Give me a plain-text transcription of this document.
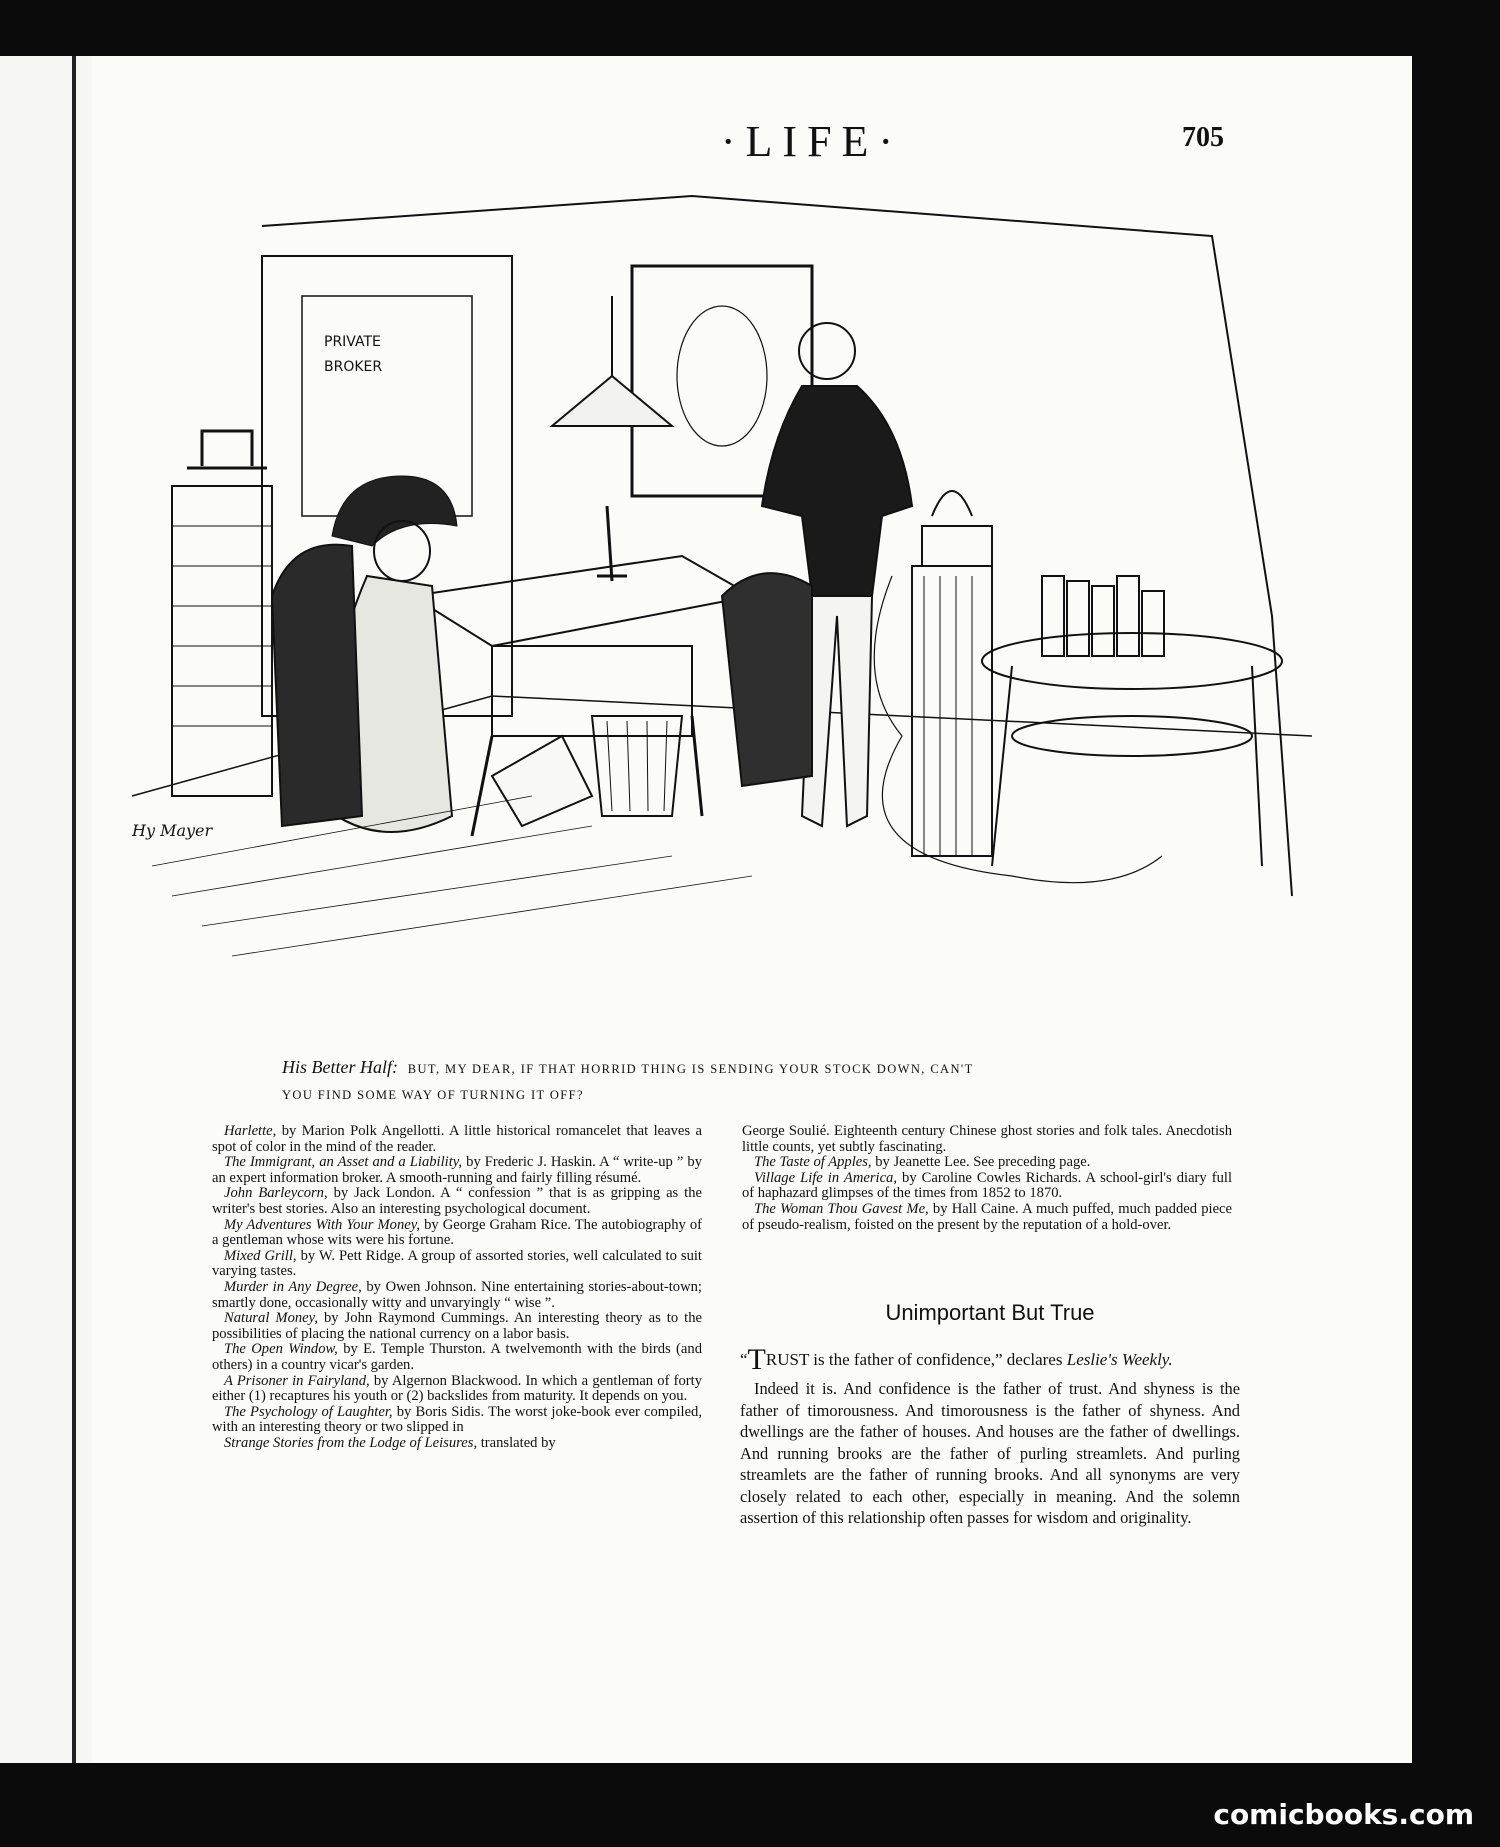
·LIFE·	705
PRIVATE
BROKER
Hy Mayer
His Better Half: BUT, MY DEAR, IF THAT HORRID THING IS SENDING YOUR STOCK DOWN, CAN'T
YOU FIND SOME WAY OF TURNING IT OFF?

Harlette, by Marion Polk Angellotti. A little historical romancelet that leaves a spot of color in the mind of the reader.

The Immigrant, an Asset and a Liability, by Frederic J. Haskin. A “ write-up ” by an expert information broker. A smooth-running and fairly filling résumé.

John Barleycorn, by Jack London. A “ confession ” that is as gripping as the writer's best stories. Also an interesting psychological document.

My Adventures With Your Money, by George Graham Rice. The autobiography of a gentleman whose wits were his fortune.

Mixed Grill, by W. Pett Ridge. A group of assorted stories, well calculated to suit varying tastes.

Murder in Any Degree, by Owen Johnson. Nine entertaining stories-about-town; smartly done, occasionally witty and unvaryingly “ wise ”.

Natural Money, by John Raymond Cummings. An interesting theory as to the possibilities of placing the national currency on a labor basis.

The Open Window, by E. Temple Thurston. A twelvemonth with the birds (and others) in a country vicar's garden.

A Prisoner in Fairyland, by Algernon Blackwood. In which a gentleman of forty either (1) recaptures his youth or (2) backslides from maturity. It depends on you.

The Psychology of Laughter, by Boris Sidis. The worst joke-book ever compiled, with an interesting theory or two slipped in

Strange Stories from the Lodge of Leisures, translated by

George Soulié. Eighteenth century Chinese ghost stories and folk tales. Anecdotish little counts, yet subtly fascinating.

The Taste of Apples, by Jeanette Lee. See preceding page.

Village Life in America, by Caroline Cowles Richards. A school-girl's diary full of haphazard glimpses of the times from 1852 to 1870.

The Woman Thou Gavest Me, by Hall Caine. A much puffed, much padded piece of pseudo-realism, foisted on the present by the reputation of a hold-over.

Unimportant But True

“TRUST is the father of confidence,” declares Leslie's Weekly.

Indeed it is. And confidence is the father of trust. And shyness is the father of timorousness. And timorousness is the father of shyness. And dwellings are the father of houses. And houses are the father of dwellings. And running brooks are the father of purling streamlets. And purling streamlets are the father of running brooks. And all synonyms are very closely related to each other, especially in meaning. And the solemn assertion of this relationship often passes for wisdom and originality.

comicbooks.com
